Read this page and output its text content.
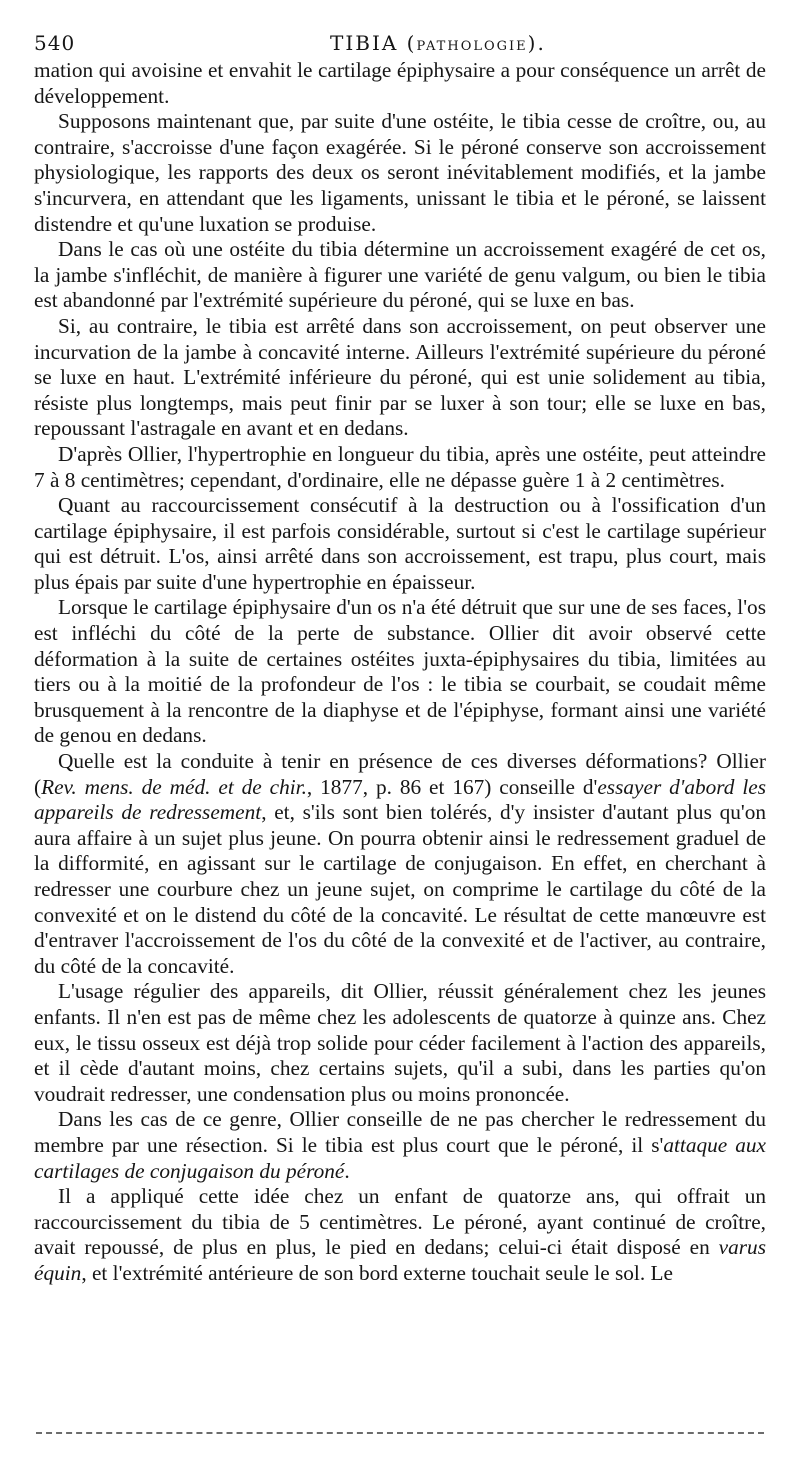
540	TIBIA (PATHOLOGIE).

mation qui avoisine et envahit le cartilage épiphysaire a pour conséquence un arrêt de développement.

Supposons maintenant que, par suite d'une ostéite, le tibia cesse de croître, ou, au contraire, s'accroisse d'une façon exagérée. Si le péroné conserve son accroissement physiologique, les rapports des deux os seront inévitablement modifiés, et la jambe s'incurvera, en attendant que les ligaments, unissant le tibia et le péroné, se laissent distendre et qu'une luxation se produise.

Dans le cas où une ostéite du tibia détermine un accroissement exagéré de cet os, la jambe s'infléchit, de manière à figurer une variété de genu valgum, ou bien le tibia est abandonné par l'extrémité supérieure du péroné, qui se luxe en bas.

Si, au contraire, le tibia est arrêté dans son accroissement, on peut observer une incurvation de la jambe à concavité interne. Ailleurs l'extrémité supérieure du péroné se luxe en haut. L'extrémité inférieure du péroné, qui est unie solidement au tibia, résiste plus longtemps, mais peut finir par se luxer à son tour; elle se luxe en bas, repoussant l'astragale en avant et en dedans.

D'après Ollier, l'hypertrophie en longueur du tibia, après une ostéite, peut atteindre 7 à 8 centimètres; cependant, d'ordinaire, elle ne dépasse guère 1 à 2 centimètres.

Quant au raccourcissement consécutif à la destruction ou à l'ossification d'un cartilage épiphysaire, il est parfois considérable, surtout si c'est le cartilage supérieur qui est détruit. L'os, ainsi arrêté dans son accroissement, est trapu, plus court, mais plus épais par suite d'une hypertrophie en épaisseur.

Lorsque le cartilage épiphysaire d'un os n'a été détruit que sur une de ses faces, l'os est infléchi du côté de la perte de substance. Ollier dit avoir observé cette déformation à la suite de certaines ostéites juxta-épiphysaires du tibia, limitées au tiers ou à la moitié de la profondeur de l'os : le tibia se courbait, se coudait même brusquement à la rencontre de la diaphyse et de l'épiphyse, formant ainsi une variété de genou en dedans.

Quelle est la conduite à tenir en présence de ces diverses déformations? Ollier (Rev. mens. de méd. et de chir., 1877, p. 86 et 167) conseille d'essayer d'abord les appareils de redressement, et, s'ils sont bien tolérés, d'y insister d'autant plus qu'on aura affaire à un sujet plus jeune. On pourra obtenir ainsi le redressement graduel de la difformité, en agissant sur le cartilage de conjugaison. En effet, en cherchant à redresser une courbure chez un jeune sujet, on comprime le cartilage du côté de la convexité et on le distend du côté de la concavité. Le résultat de cette manœuvre est d'entraver l'accroissement de l'os du côté de la convexité et de l'activer, au contraire, du côté de la concavité.

L'usage régulier des appareils, dit Ollier, réussit généralement chez les jeunes enfants. Il n'en est pas de même chez les adolescents de quatorze à quinze ans. Chez eux, le tissu osseux est déjà trop solide pour céder facilement à l'action des appareils, et il cède d'autant moins, chez certains sujets, qu'il a subi, dans les parties qu'on voudrait redresser, une condensation plus ou moins prononcée.

Dans les cas de ce genre, Ollier conseille de ne pas chercher le redressement du membre par une résection. Si le tibia est plus court que le péroné, il s'attaque aux cartilages de conjugaison du péroné.

Il a appliqué cette idée chez un enfant de quatorze ans, qui offrait un raccourcissement du tibia de 5 centimètres. Le péroné, ayant continué de croître, avait repoussé, de plus en plus, le pied en dedans; celui-ci était disposé en varus équin, et l'extrémité antérieure de son bord externe touchait seule le sol. Le
